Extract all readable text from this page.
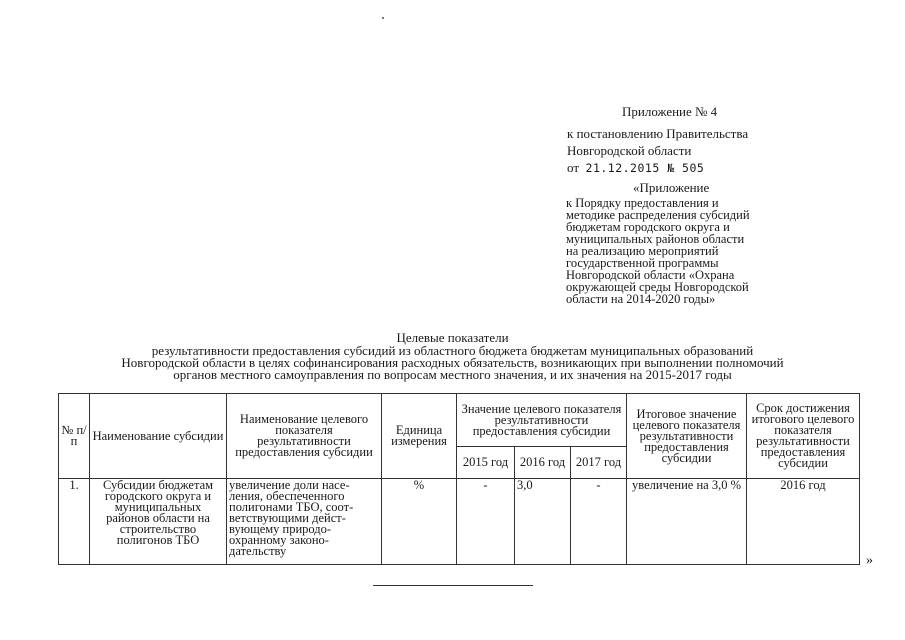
Приложение № 4
к постановлению Правительства
Новгородской области
от 21.12.2015 № 505
«Приложение
к Порядку предоставления и
методике распределения субсидий
бюджетам городского округа и
муниципальных районов области
на реализацию мероприятий
государственной программы
Новгородской области «Охрана
окружающей среды Новгородской
области на 2014-2020 годы»
Целевые показатели
результативности предоставления субсидий из областного бюджета бюджетам муниципальных образований
Новгородской области в целях софинансирования расходных обязательств, возникающих при выполнении полномочий
органов местного самоуправления по вопросам местного значения, и их значения на 2015-2017 годы
№ п/п	Наименование субсидии	Наименование целевого показателя результативности предоставления субсидии	Единица измерения	Значение целевого показателя результативности предоставления субсидии			Итоговое значение целевого показателя результативности предоставления субсидии	Срок достижения итогового целевого показателя результативности предоставления субсидии
				2015 год	2016 год	2017 год		
1.	Субсидии бюджетам городского округа и муниципальных районов области на строительство полигонов ТБО	увеличение доли населения, обеспеченного полигонами ТБО, соответствующими действующему природоохранному законодательству	%	-	3,0	-	увеличение на 3,0 %	2016 год
»
